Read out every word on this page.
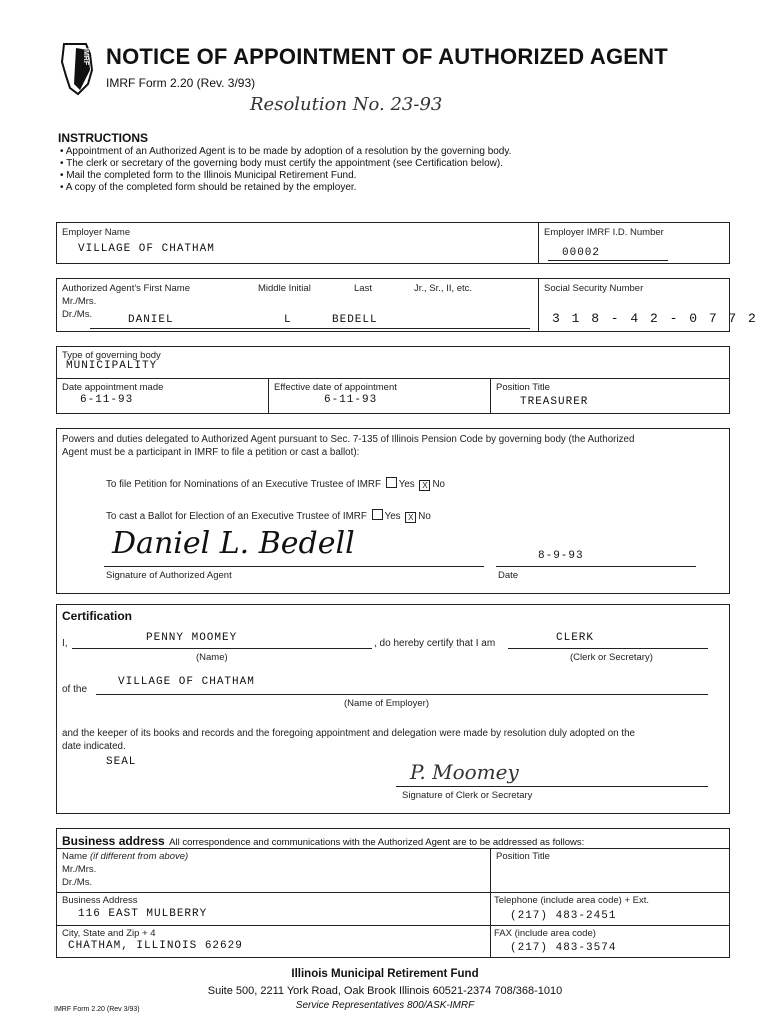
IMRF NOTICE OF APPOINTMENT OF AUTHORIZED AGENT
IMRF Form 2.20 (Rev. 3/93)
Resolution No. 23-93
INSTRUCTIONS
• Appointment of an Authorized Agent is to be made by adoption of a resolution by the governing body.
• The clerk or secretary of the governing body must certify the appointment (see Certification below).
• Mail the completed form to the Illinois Municipal Retirement Fund.
• A copy of the completed form should be retained by the employer.
Employer Name
VILLAGE OF CHATHAM
Employer IMRF I.D. Number
00002
Authorized Agent's First Name	Middle Initial	Last	Jr., Sr., II, etc.
Mr./Mrs.
Dr./Ms.	DANIEL	L	BEDELL
Social Security Number
3 1 8 - 4 2 - 0 7 7 2
Type of governing body
MUNICIPALITY
Date appointment made
6-11-93
Effective date of appointment
6-11-93
Position Title
TREASURER
Powers and duties delegated to Authorized Agent pursuant to Sec. 7-135 of Illinois Pension Code by governing body (the Authorized
Agent must be a participant in IMRF to file a petition or cast a ballot):
To file Petition for Nominations of an Executive Trustee of IMRF Yes X No
To cast a Ballot for Election of an Executive Trustee of IMRF Yes X No
Daniel L. Bedell
Signature of Authorized Agent
8-9-93
Date
Certification
I,	PENNY MOOMEY	, do hereby certify that I am	CLERK
(Name)	(Clerk or Secretary)
of the
VILLAGE OF CHATHAM
(Name of Employer)
and the keeper of its books and records and the foregoing appointment and delegation were made by resolution duly adopted on the
date indicated.
SEAL	P. Moomey
Signature of Clerk or Secretary
Business address All correspondence and communications with the Authorized Agent are to be addressed as follows:
Name (if different from above)
Mr./Mrs.
Dr./Ms.
Position Title
Business Address
116 EAST MULBERRY
Telephone (include area code) + Ext.
(217) 483-2451
City, State and Zip + 4
CHATHAM, ILLINOIS 62629
FAX (include area code)
(217) 483-3574
Illinois Municipal Retirement Fund
Suite 500, 2211 York Road, Oak Brook Illinois 60521-2374 708/368-1010
Service Representatives 800/ASK-IMRF
IMRF Form 2.20 (Rev 3/93)
